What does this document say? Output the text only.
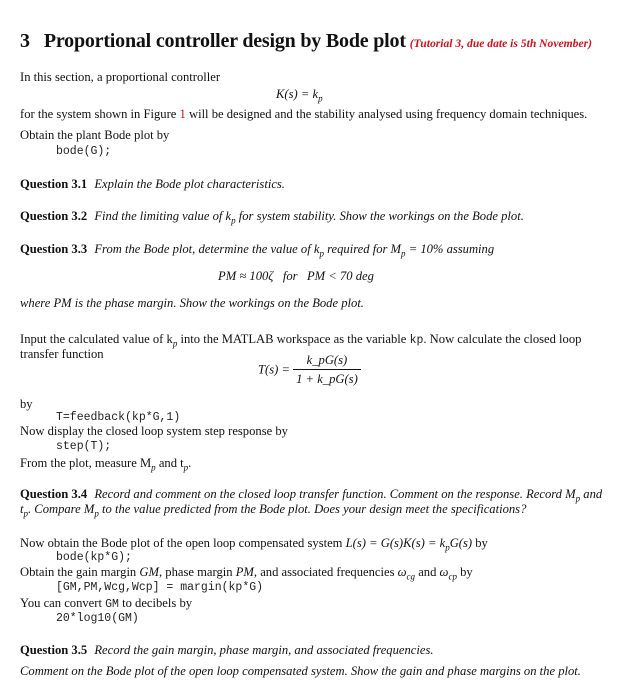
3 Proportional controller design by Bode plot (Tutorial 3, due date is 5th November)
In this section, a proportional controller
$K(s) = k_p$
for the system shown in Figure 1 will be designed and the stability analysed using frequency domain techniques.
Obtain the plant Bode plot by
bode(G);
Question 3.1 Explain the Bode plot characteristics.
Question 3.2 Find the limiting value of $k_p$ for system stability. Show the workings on the Bode plot.
Question 3.3 From the Bode plot, determine the value of $k_p$ required for $M_p = 10\%$ assuming
PM ≈ 100ζ   for   PM < 70 deg
where PM is the phase margin. Show the workings on the Bode plot.
Input the calculated value of $k_p$ into the MATLAB workspace as the variable kp. Now calculate the closed loop
transfer function
$T(s) = \frac{k\_pG(s)}{1 + k\_pG(s)}$
by
T=feedback(kp*G,1)
Now display the closed loop system step response by
step(T);
From the plot, measure $M_p$ and $t_p$.
Question 3.4 Record and comment on the closed loop transfer function. Comment on the response. Record $M_p$ and
$t_p$. Compare $M_p$ to the value predicted from the Bode plot. Does your design meet the specifications?
Now obtain the Bode plot of the open loop compensated system $L(s) = G(s)K(s) = k_pG(s)$ by
bode(kp*G);
Obtain the gain margin GM, phase margin PM, and associated frequencies $\omega_{cg}$ and $\omega_{cp}$ by
[GM,PM,Wcg,Wcp] = margin(kp*G)
You can convert GM to decibels by
20*log10(GM)
Question 3.5 Record the gain margin, phase margin, and associated frequencies.
Comment on the Bode plot of the open loop compensated system. Show the gain and phase margins on the plot.
